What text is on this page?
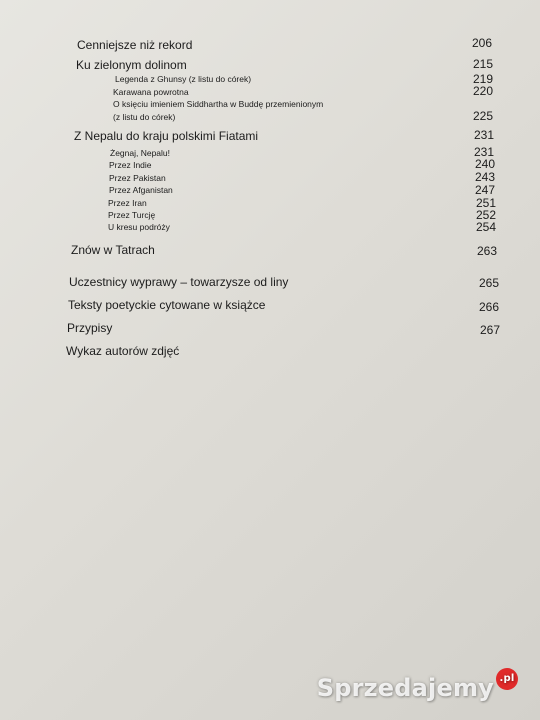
Cenniejsze niż rekord	206
Ku zielonym dolinom	215
Legenda z Ghunsy (z listu do córek)	219
Karawana powrotna	220
O księciu imieniem Siddhartha w Buddę przemienionym
(z listu do córek)	225
Z Nepalu do kraju polskimi Fiatami	231
Żegnaj, Nepalu!	231
Przez Indie	240
Przez Pakistan	243
Przez Afganistan	247
Przez Iran	251
Przez Turcję	252
U kresu podróży	254
Znów w Tatrach	263
Uczestnicy wyprawy – towarzysze od liny	265
Teksty poetyckie cytowane w książce	266
Przypisy	267
Wykaz autorów zdjęć
Sprzedajemy .pl
